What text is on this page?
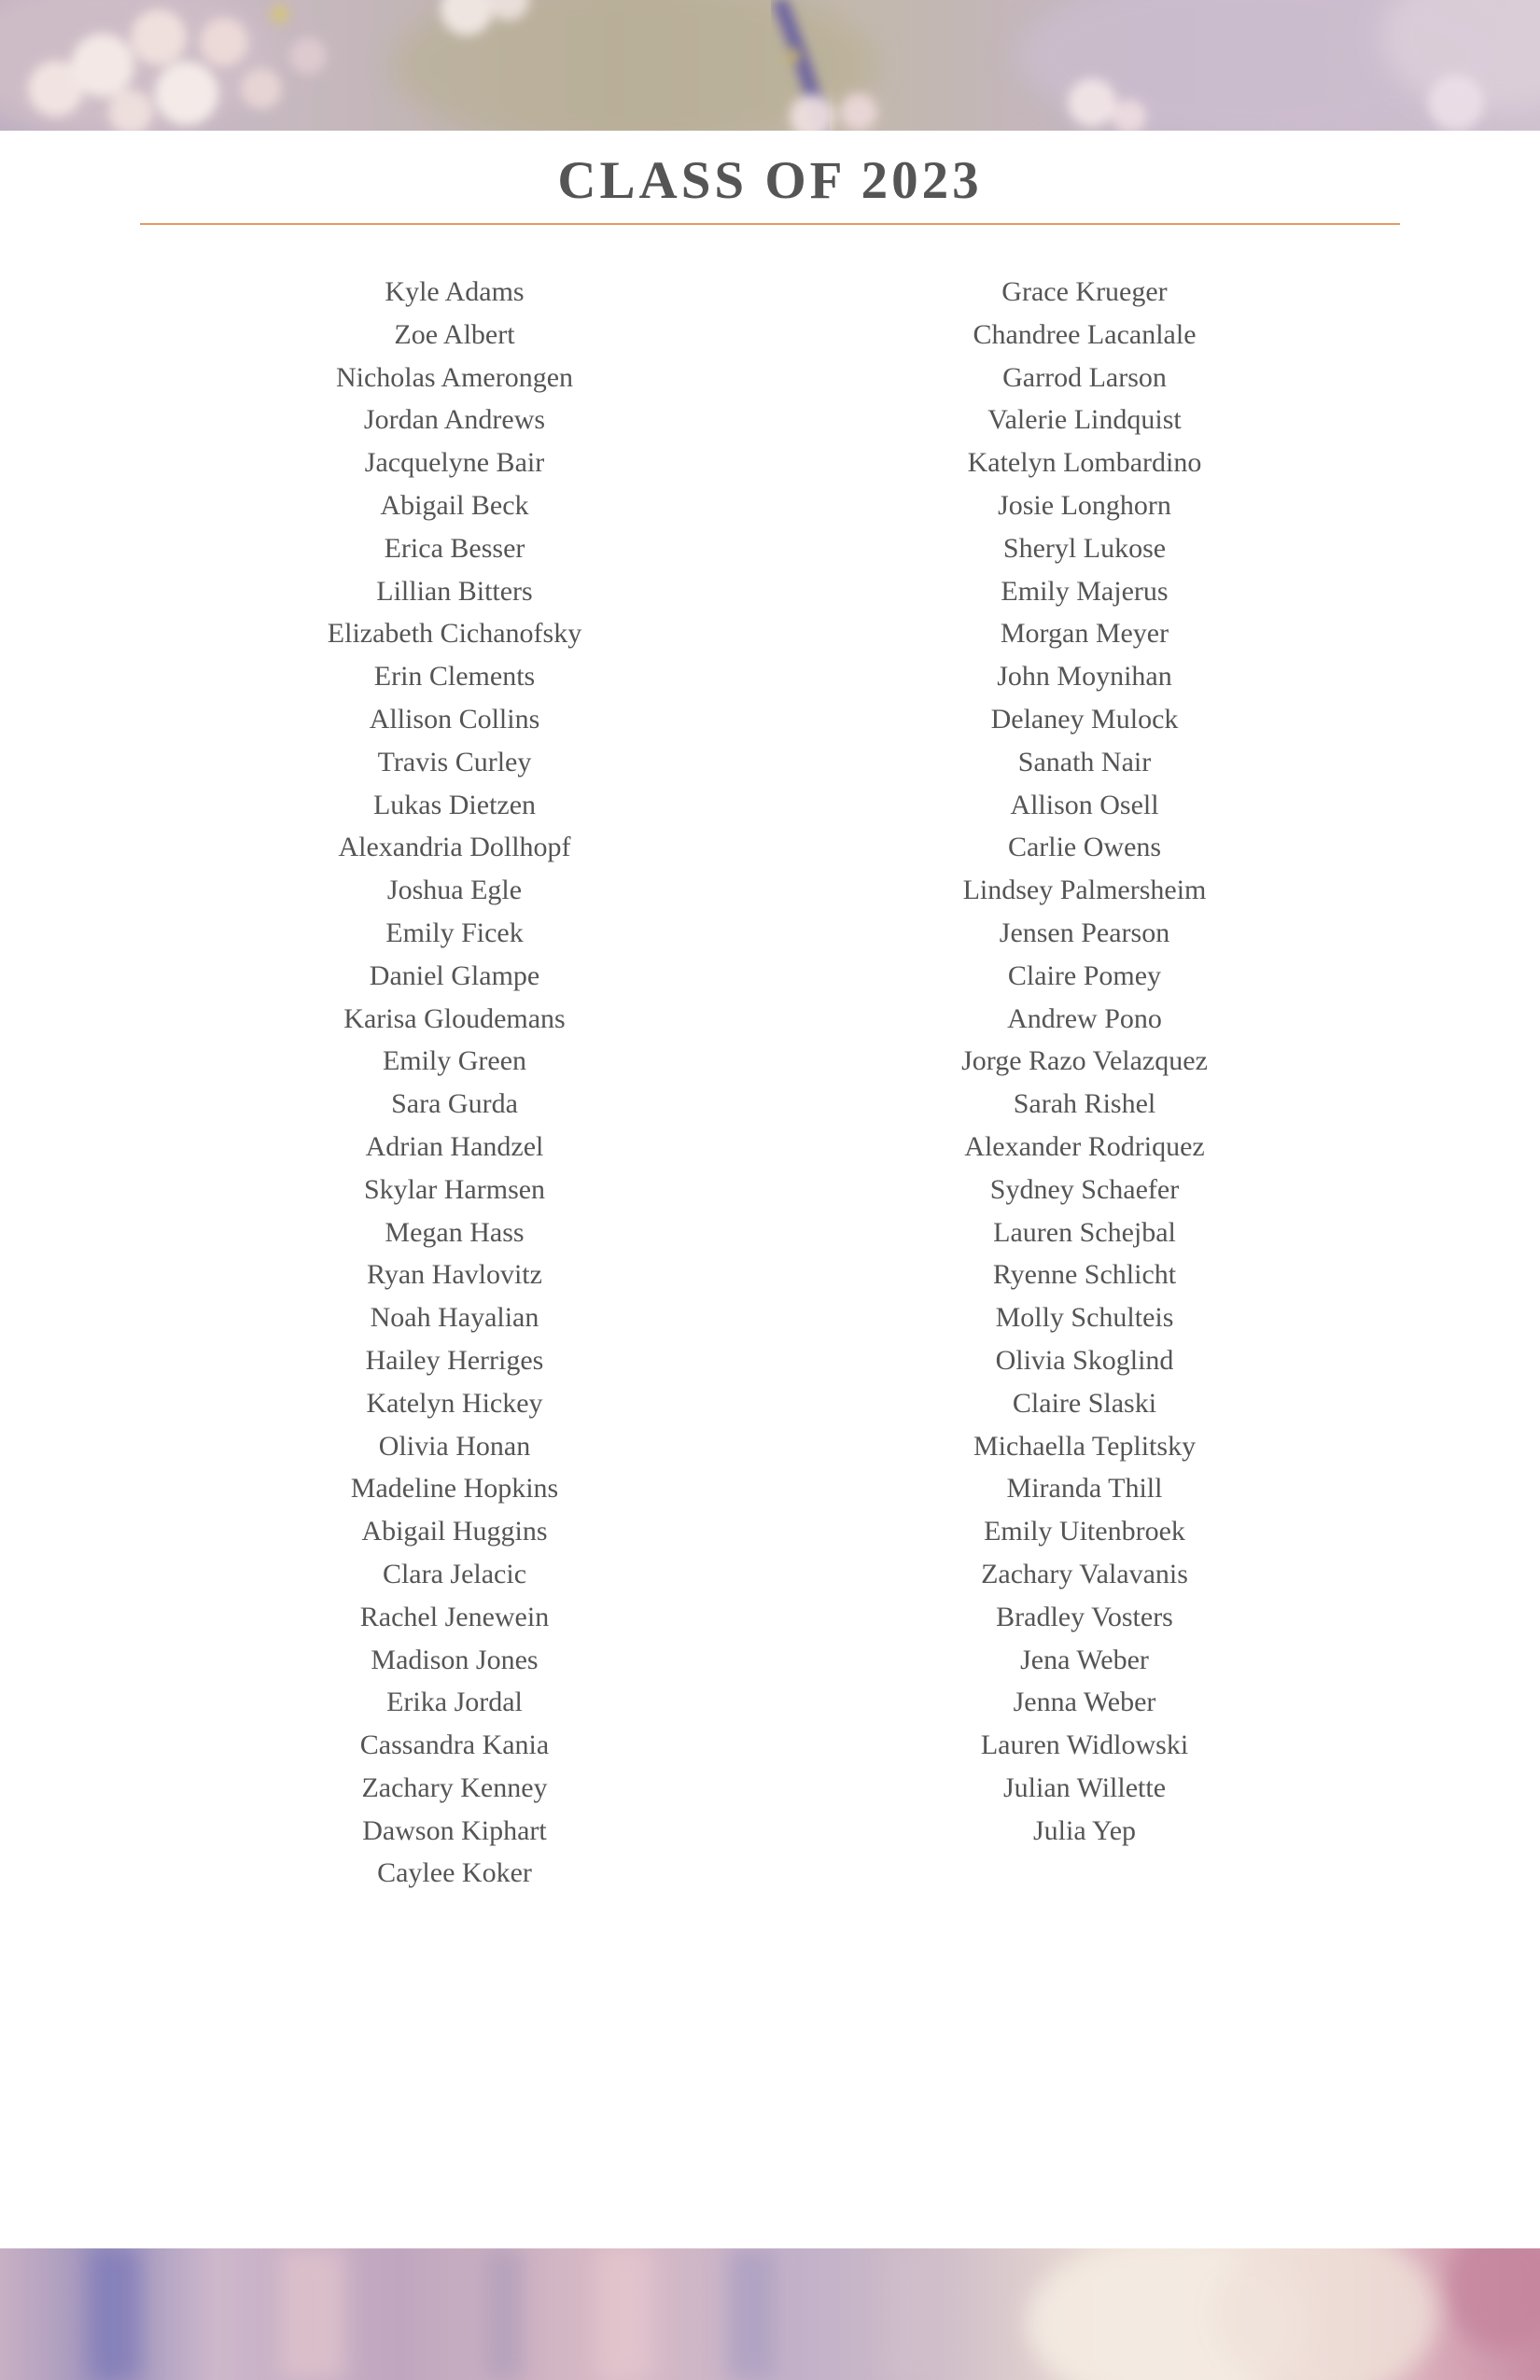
CLASS OF 2023
Kyle Adams
Zoe Albert
Nicholas Amerongen
Jordan Andrews
Jacquelyne Bair
Abigail Beck
Erica Besser
Lillian Bitters
Elizabeth Cichanofsky
Erin Clements
Allison Collins
Travis Curley
Lukas Dietzen
Alexandria Dollhopf
Joshua Egle
Emily Ficek
Daniel Glampe
Karisa Gloudemans
Emily Green
Sara Gurda
Adrian Handzel
Skylar Harmsen
Megan Hass
Ryan Havlovitz
Noah Hayalian
Hailey Herriges
Katelyn Hickey
Olivia Honan
Madeline Hopkins
Abigail Huggins
Clara Jelacic
Rachel Jenewein
Madison Jones
Erika Jordal
Cassandra Kania
Zachary Kenney
Dawson Kiphart
Caylee Koker
Grace Krueger
Chandree Lacanlale
Garrod Larson
Valerie Lindquist
Katelyn Lombardino
Josie Longhorn
Sheryl Lukose
Emily Majerus
Morgan Meyer
John Moynihan
Delaney Mulock
Sanath Nair
Allison Osell
Carlie Owens
Lindsey Palmersheim
Jensen Pearson
Claire Pomey
Andrew Pono
Jorge Razo Velazquez
Sarah Rishel
Alexander Rodriquez
Sydney Schaefer
Lauren Schejbal
Ryenne Schlicht
Molly Schulteis
Olivia Skoglind
Claire Slaski
Michaella Teplitsky
Miranda Thill
Emily Uitenbroek
Zachary Valavanis
Bradley Vosters
Jena Weber
Jenna Weber
Lauren Widlowski
Julian Willette
Julia Yep
